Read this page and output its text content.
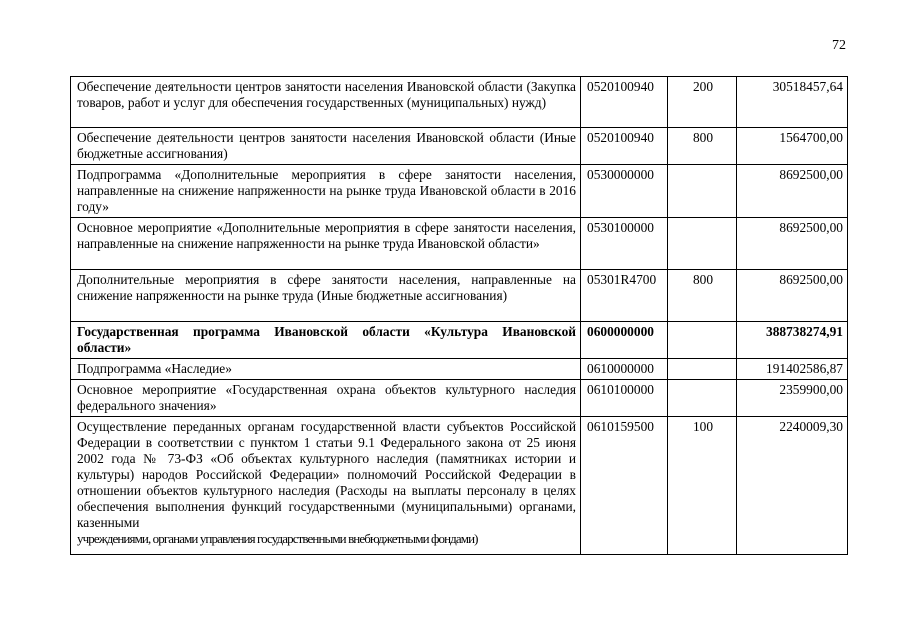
72
Обеспечение деятельности центров занятости населения Ивановской области (Закупка товаров, работ и услуг для обеспечения государственных (муниципальных) нужд)	0520100940	200	30518457,64
Обеспечение деятельности центров занятости населения Ивановской области (Иные бюджетные ассигнования)	0520100940	800	1564700,00
Подпрограмма «Дополнительные мероприятия в сфере занятости населения, направленные на снижение напряженности на рынке труда Ивановской области в 2016 году»	0530000000		8692500,00
Основное мероприятие «Дополнительные мероприятия в сфере занятости населения, направленные на снижение напряженности на рынке труда Ивановской области»	0530100000		8692500,00
Дополнительные мероприятия в сфере занятости населения, направленные на снижение напряженности на рынке труда (Иные бюджетные ассигнования)	05301R4700	800	8692500,00
Государственная программа Ивановской области «Культура Ивановской области»	0600000000		388738274,91
Подпрограмма «Наследие»	0610000000		191402586,87
Основное мероприятие «Государственная охрана объектов культурного наследия федерального значения»	0610100000		2359900,00
Осуществление переданных органам государственной власти субъектов Российской Федерации в соответствии с пунктом 1 статьи 9.1 Федерального закона от 25 июня 2002 года № 73-ФЗ «Об объектах культурного наследия (памятниках истории и культуры) народов Российской Федерации» полномочий Российской Федерации в отношении объектов культурного наследия (Расходы на выплаты персоналу в целях обеспечения выполнения функций государственными (муниципальными) органами, казенными
учреждениями, органами управления государственными внебюджетными фондами)	0610159500	100	2240009,30
